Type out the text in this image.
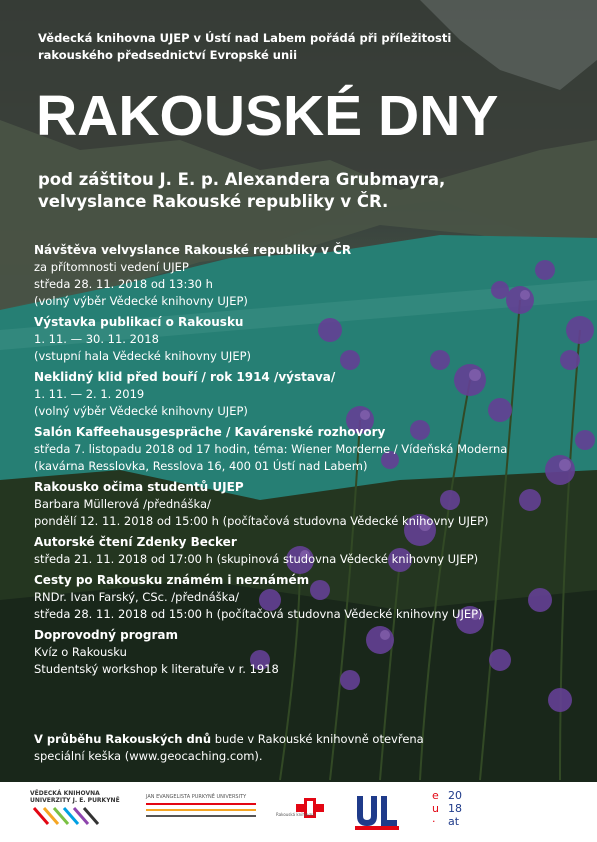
Vědecká knihovna UJEP v Ústí nad Labem pořádá při příležitosti
rakouského předsednictví Evropské unii
RAKOUSKÉ DNY
pod záštitou J. E. p. Alexandera Grubmayra,
velvyslance Rakouské republiky v ČR.
Návštěva velvyslance Rakouské republiky v ČR
za přítomnosti vedení UJEP
středa 28. 11. 2018 od 13:30 h
(volný výběr Vědecké knihovny UJEP)
Výstavka publikací o Rakousku
1. 11. — 30. 11. 2018
(vstupní hala Vědecké knihovny UJEP)
Neklidný klid před bouří / rok 1914 /výstava/
1. 11. — 2. 1. 2019
(volný výběr Vědecké knihovny UJEP)
Salón Kaffeehausgespräche / Kavárenské rozhovory
středa 7. listopadu 2018 od 17 hodin, téma: Wiener Morderne / Vídeňská Moderna
(kavárna Resslovka, Resslova 16, 400 01 Ústí nad Labem)
Rakousko očima studentů UJEP
Barbara Müllerová /přednáška/
pondělí 12. 11. 2018 od 15:00 h (počítačová studovna Vědecké knihovny UJEP)
Autorské čtení Zdenky Becker
středa 21. 11. 2018 od 17:00 h (skupinová studovna Vědecké knihovny UJEP)
Cesty po Rakousku známém i neznámém
RNDr. Ivan Farský, CSc. /přednáška/
středa 28. 11. 2018 od 15:00 h (počítačová studovna Vědecké knihovny UJEP)
Doprovodný program
Kvíz o Rakousku
Studentský workshop k literatuře v r. 1918
V průběhu Rakouských dnů bude v Rakouské knihovně otevřena
speciální keška (www.geocaching.com).
VĚDECKÁ KNIHOVNA
UNIVERZITY J. E. PURKYNĚ	JAN EVANGELISTA PURKYNĚ UNIVERSITY
Rakouská knihovna
e 20
u 18
·	at
